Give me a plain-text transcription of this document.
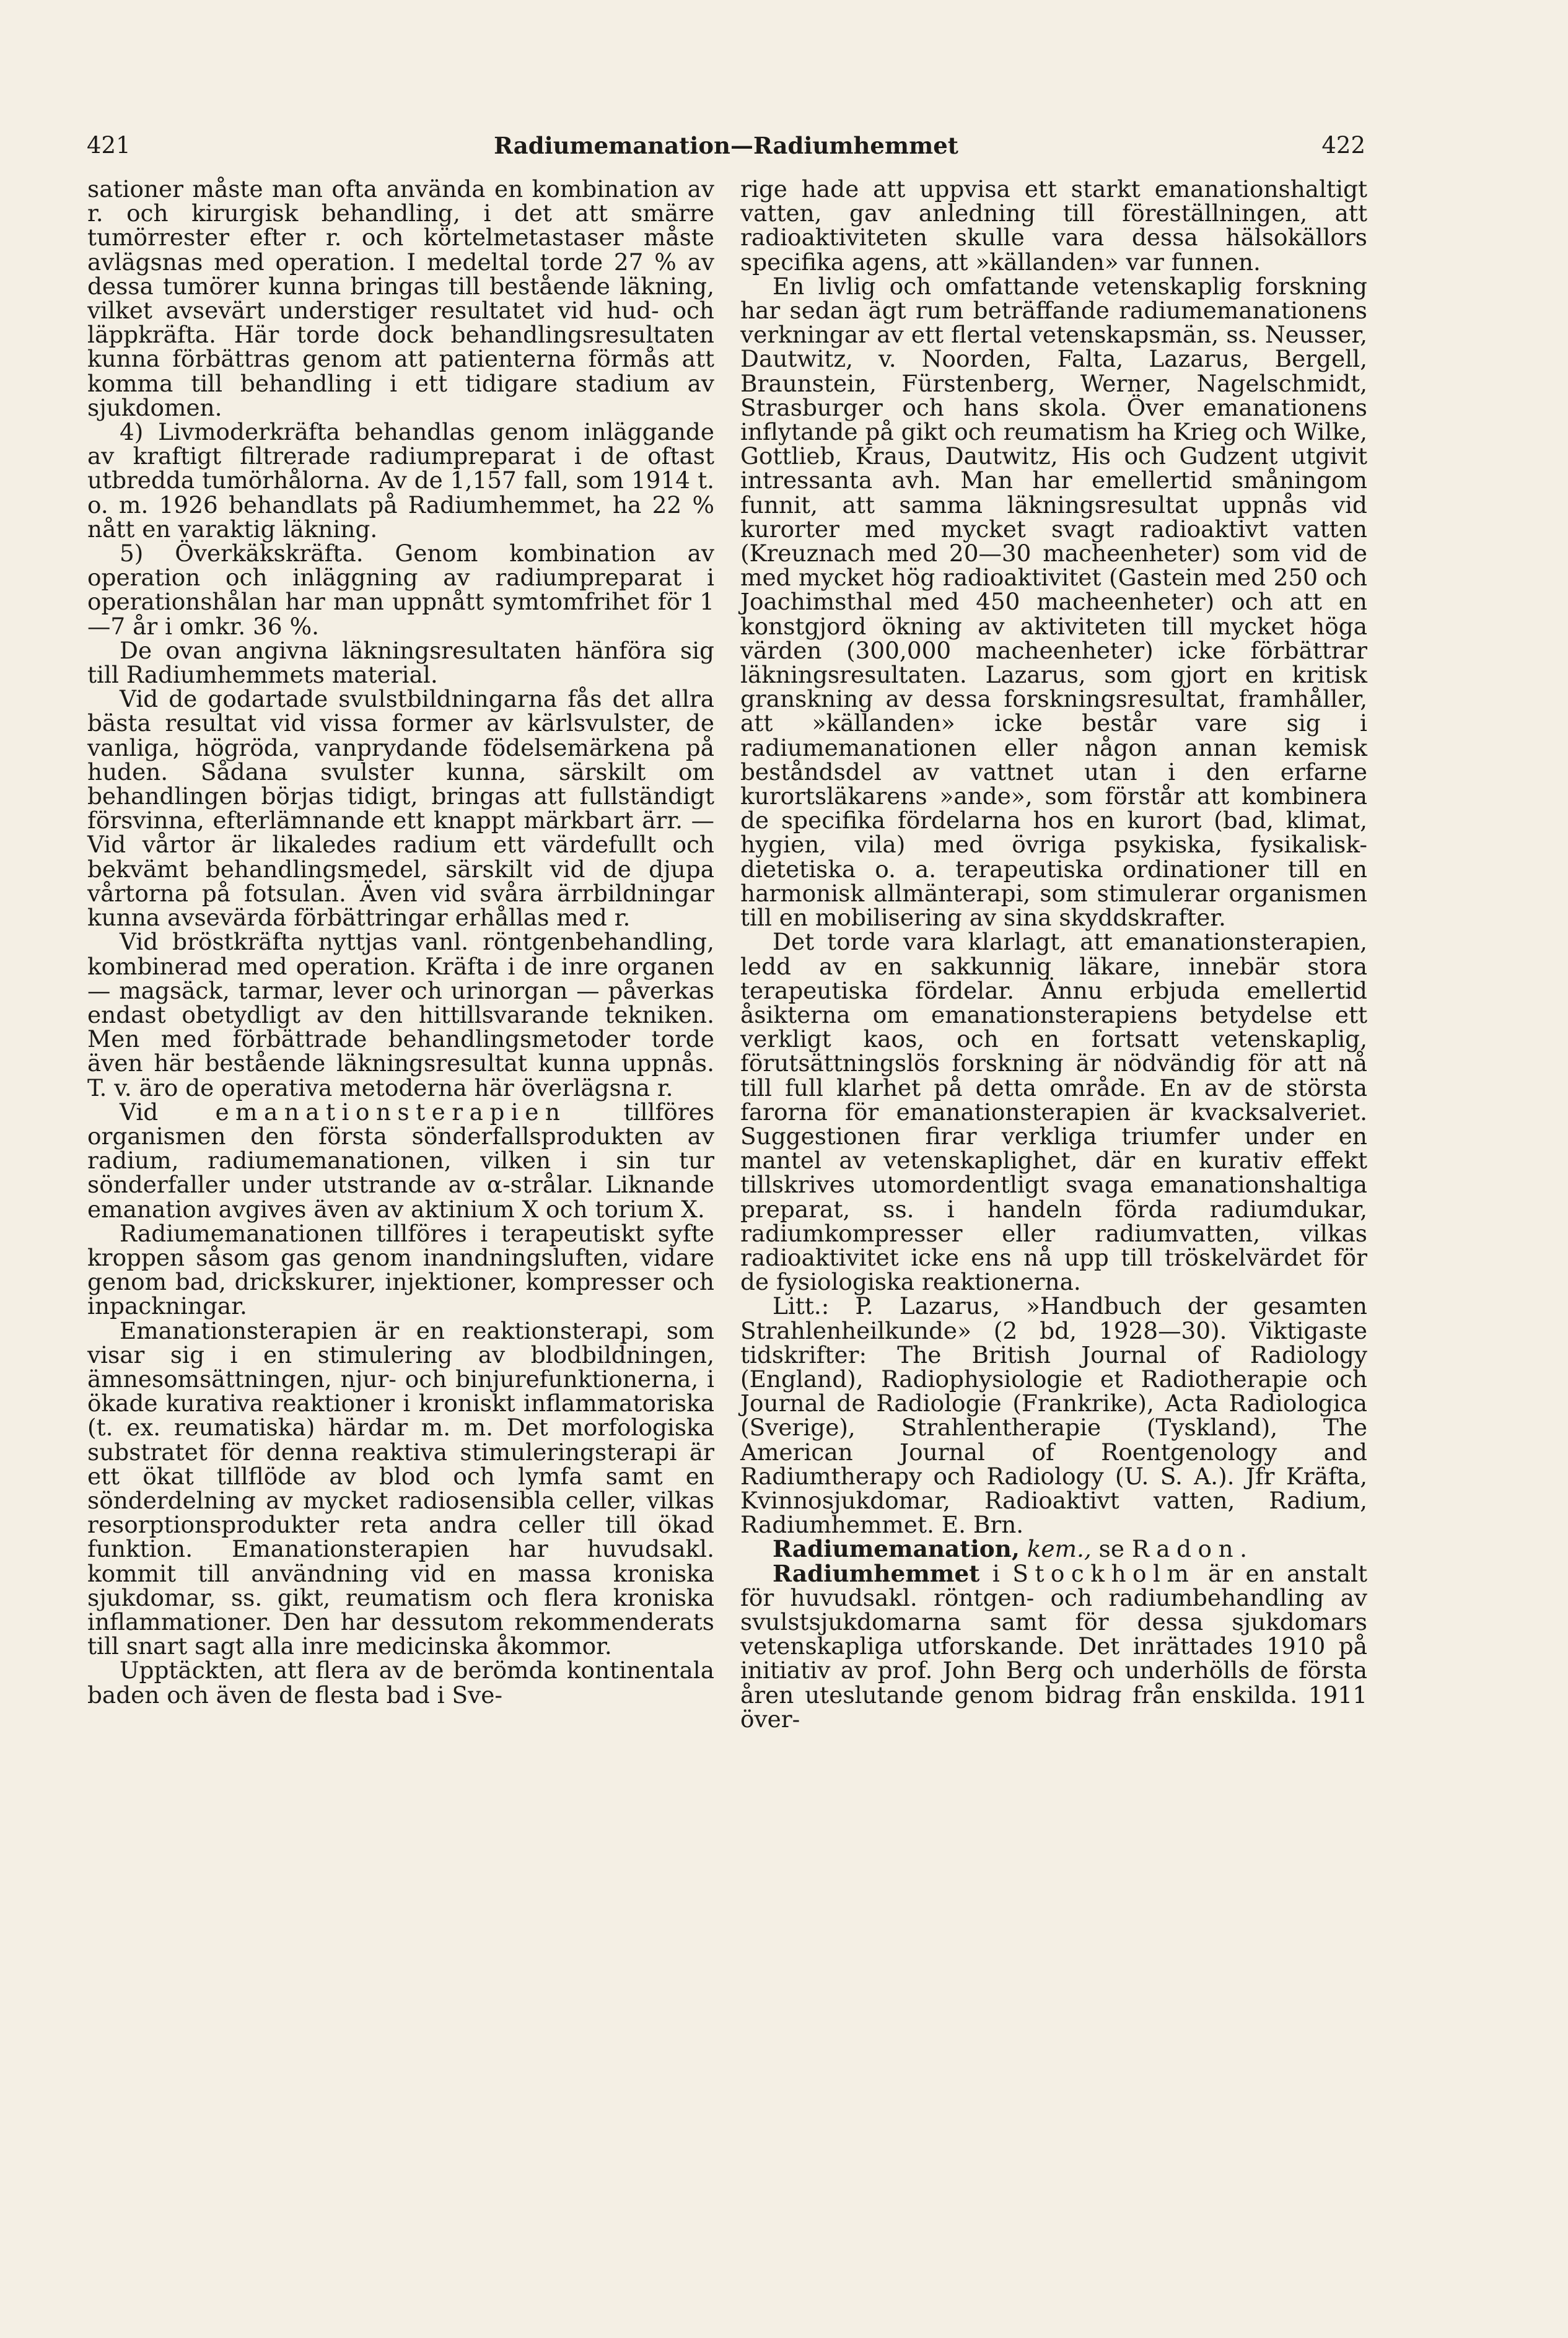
421	Radiumemanation—Radiumhemmet	422

sationer måste man ofta använda en kombination av r. och kirurgisk behandling, i det att smärre tumörrester efter r. och körtelmetastaser måste avlägsnas med operation. I medeltal torde 27 % av dessa tumörer kunna bringas till bestående läkning, vilket avsevärt understiger resultatet vid hud- och läppkräfta. Här torde dock behandlingsresultaten kunna förbättras genom att patienterna förmås att komma till behandling i ett tidigare stadium av sjukdomen.

4) Livmoderkräfta behandlas genom inläggande av kraftigt filtrerade radiumpreparat i de oftast utbredda tumörhålorna. Av de 1,157 fall, som 1914 t. o. m. 1926 behandlats på Radiumhemmet, ha 22 % nått en varaktig läkning.

5) Överkäkskräfta. Genom kombination av operation och inläggning av radiumpreparat i operationshålan har man uppnått symtomfrihet för 1—7 år i omkr. 36 %.

De ovan angivna läkningsresultaten hänföra sig till Radiumhemmets material.

Vid de godartade svulstbildningarna fås det allra bästa resultat vid vissa former av kärlsvulster, de vanliga, högröda, vanprydande födelsemärkena på huden. Sådana svulster kunna, särskilt om behandlingen börjas tidigt, bringas att fullständigt försvinna, efterlämnande ett knappt märkbart ärr. — Vid vårtor är likaledes radium ett värdefullt och bekvämt behandlingsmedel, särskilt vid de djupa vårtorna på fotsulan. Även vid svåra ärrbildningar kunna avsevärda förbättringar erhållas med r.

Vid bröstkräfta nyttjas vanl. röntgenbehandling, kombinerad med operation. Kräfta i de inre organen — magsäck, tarmar, lever och urinorgan — påverkas endast obetydligt av den hittillsvarande tekniken. Men med förbättrade behandlingsmetoder torde även här bestående läkningsresultat kunna uppnås. T. v. äro de operativa metoderna här överlägsna r.

Vid emanationsterapien tillföres organismen den första sönderfallsprodukten av radium, radiumemanationen, vilken i sin tur sönderfaller under utstrande av α-strålar. Liknande emanation avgives även av aktinium X och torium X.

Radiumemanationen tillföres i terapeutiskt syfte kroppen såsom gas genom inandningsluften, vidare genom bad, drickskurer, injektioner, kompresser och inpackningar.

Emanationsterapien är en reaktionsterapi, som visar sig i en stimulering av blodbildningen, ämnesomsättningen, njur- och binjurefunktionerna, i ökade kurativa reaktioner i kroniskt inflammatoriska (t. ex. reumatiska) härdar m. m. Det morfologiska substratet för denna reaktiva stimuleringsterapi är ett ökat tillflöde av blod och lymfa samt en sönderdelning av mycket radiosensibla celler, vilkas resorptionsprodukter reta andra celler till ökad funktion. Emanationsterapien har huvudsakl. kommit till användning vid en massa kroniska sjukdomar, ss. gikt, reumatism och flera kroniska inflammationer. Den har dessutom rekommenderats till snart sagt alla inre medicinska åkommor.

Upptäckten, att flera av de berömda kontinentala baden och även de flesta bad i Sve-

rige hade att uppvisa ett starkt emanationshaltigt vatten, gav anledning till föreställningen, att radioaktiviteten skulle vara dessa hälsokällors specifika agens, att »källanden» var funnen.

En livlig och omfattande vetenskaplig forskning har sedan ägt rum beträffande radiumemanationens verkningar av ett flertal vetenskapsmän, ss. Neusser, Dautwitz, v. Noorden, Falta, Lazarus, Bergell, Braunstein, Fürstenberg, Werner, Nagelschmidt, Strasburger och hans skola. Över emanationens inflytande på gikt och reumatism ha Krieg och Wilke, Gottlieb, Kraus, Dautwitz, His och Gudzent utgivit intressanta avh. Man har emellertid småningom funnit, att samma läkningsresultat uppnås vid kurorter med mycket svagt radioaktivt vatten (Kreuznach med 20—30 macheenheter) som vid de med mycket hög radioaktivitet (Gastein med 250 och Joachimsthal med 450 macheenheter) och att en konstgjord ökning av aktiviteten till mycket höga värden (300,000 macheenheter) icke förbättrar läkningsresultaten. Lazarus, som gjort en kritisk granskning av dessa forskningsresultat, framhåller, att »källanden» icke består vare sig i radiumemanationen eller någon annan kemisk beståndsdel av vattnet utan i den erfarne kurortsläkarens »ande», som förstår att kombinera de specifika fördelarna hos en kurort (bad, klimat, hygien, vila) med övriga psykiska, fysikalisk-dietetiska o. a. terapeutiska ordinationer till en harmonisk allmänterapi, som stimulerar organismen till en mobilisering av sina skyddskrafter.

Det torde vara klarlagt, att emanationsterapien, ledd av en sakkunnig läkare, innebär stora terapeutiska fördelar. Ännu erbjuda emellertid åsikterna om emanationsterapiens betydelse ett verkligt kaos, och en fortsatt vetenskaplig, förutsättningslös forskning är nödvändig för att nå till full klarhet på detta område. En av de största farorna för emanationsterapien är kvacksalveriet. Suggestionen firar verkliga triumfer under en mantel av vetenskaplighet, där en kurativ effekt tillskrives utomordentligt svaga emanationshaltiga preparat, ss. i handeln förda radiumdukar, radiumkompresser eller radiumvatten, vilkas radioaktivitet icke ens nå upp till tröskelvärdet för de fysiologiska reaktionerna.

Litt.: P. Lazarus, »Handbuch der gesamten Strahlenheilkunde» (2 bd, 1928—30). Viktigaste tidskrifter: The British Journal of Radiology (England), Radiophysiologie et Radiotherapie och Journal de Radiologie (Frankrike), Acta Radiologica (Sverige), Strahlentherapie (Tyskland), The American Journal of Roentgenology and Radiumtherapy och Radiology (U. S. A.). Jfr Kräfta, Kvinnosjukdomar, Radioaktivt vatten, Radium, Radiumhemmet. E. Brn.

Radiumemanation, kem., se Radon.

Radiumhemmet i Stockholm är en anstalt för huvudsakl. röntgen- och radiumbehandling av svulstsjukdomarna samt för dessa sjukdomars vetenskapliga utforskande. Det inrättades 1910 på initiativ av prof. John Berg och underhölls de första åren uteslutande genom bidrag från enskilda. 1911 över-
